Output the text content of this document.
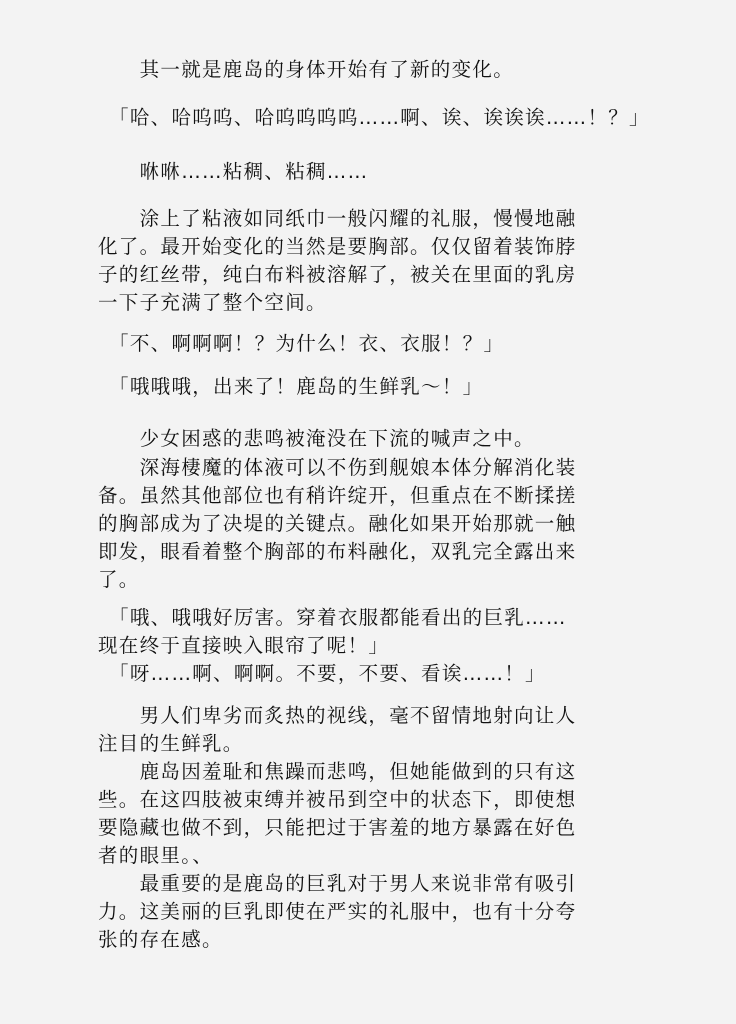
　　其一就是鹿岛的身体开始有了新的变化。
　「哈、哈呜呜、哈呜呜呜呜……啊、诶、诶诶诶……！？」
　　咻咻……粘稠、粘稠……
　　涂上了粘液如同纸巾一般闪耀的礼服，慢慢地融
化了。最开始变化的当然是要胸部。仅仅留着装饰脖
子的红丝带，纯白布料被溶解了，被关在里面的乳房
一下子充满了整个空间。
　「不、啊啊啊！？为什么！衣、衣服！？」
　「哦哦哦，出来了！鹿岛的生鲜乳〜！」
　　少女困惑的悲鸣被淹没在下流的喊声之中。
　　深海棲魔的体液可以不伤到舰娘本体分解消化装
备。虽然其他部位也有稍许绽开，但重点在不断揉搓
的胸部成为了决堤的关键点。融化如果开始那就一触
即发，眼看着整个胸部的布料融化，双乳完全露出来
了。
　「哦、哦哦好厉害。穿着衣服都能看出的巨乳……
现在终于直接映入眼帘了呢！」
　「呀……啊、啊啊。不要，不要、看诶……！」
　　男人们卑劣而炙热的视线，毫不留情地射向让人
注目的生鲜乳。
　　鹿岛因羞耻和焦躁而悲鸣，但她能做到的只有这
些。在这四肢被束缚并被吊到空中的状态下，即使想
要隐藏也做不到，只能把过于害羞的地方暴露在好色
者的眼里。、
　　最重要的是鹿岛的巨乳对于男人来说非常有吸引
力。这美丽的巨乳即使在严实的礼服中，也有十分夸
张的存在感。
